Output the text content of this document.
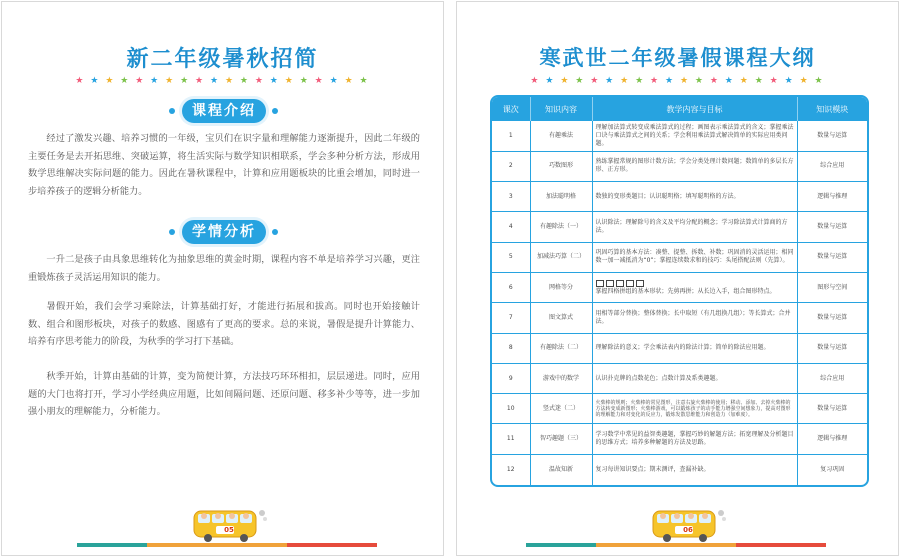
新二年级暑秋招简
★ ★ ★ ★ ★ ★ ★ ★ ★ ★ ★ ★ ★ ★ ★ ★ ★ ★ ★ ★
课程介绍

经过了激发兴趣、培养习惯的一年级，宝贝们在识字量和理解能力逐渐提升，因此二年级的主要任务是去开拓思维、突破运算，将生活实际与数学知识相联系，学会多种分析方法，形成用数学思维解决实际问题的能力。因此在暑秋课程中，计算和应用题板块的比重会增加，同时进一步培养孩子的逻辑分析能力。

学情分析

一升二是孩子由具象思维转化为抽象思维的黄金时期，课程内容不单是培养学习兴趣，更注重锻炼孩子灵活运用知识的能力。

暑假开始，我们会学习乘除法，计算基础打好，才能进行拓展和拔高。同时也开始接触计数、组合和图形板块，对孩子的数感、图感有了更高的要求。总的来说，暑假是提升计算能力、培养有序思考能力的阶段，为秋季的学习打下基础。

秋季开始，计算由基础的计算，变为简便计算，方法技巧环环相扣，层层递进。同时，应用题的大门也将打开，学习小学经典应用题，比如间隔问题、还原问题、移多补少等等，进一步加强小朋友的理解能力，分析能力。

05
寒武世二年级暑假课程大纲
★ ★ ★ ★ ★ ★ ★ ★ ★ ★ ★ ★ ★ ★ ★ ★ ★ ★ ★ ★
课次	知识内容	教学内容与目标	知识模块
1	有趣乘法	理解加法算式转变成乘法算式的过程；画图表示乘法算式的含义；掌握乘法口诀与乘法算式之间的关系；学会利用乘法算式解决简单的实际应用类问题。	数量与运算
2	巧数图形	熟练掌握常规的图形计数方法；学会分类处理计数问题；数简单的多层长方形、正方形。	综合应用
3	加法聪明格	数独的变形类题目；认识聪明格；填写聪明格的方法。	逻辑与推理
4	有趣除法（一）	认识除法；理解除号的含义及平均分配的概念；学习除法算式计算商的方法。	数量与运算
5	加减法巧算（二）	巩固巧算的基本方法：凑整、提整、拆数、补数；巩固消的灵活运用；相同数一加一减抵消为“0”；掌握连续数求和的技巧：头尾搭配法则（先算）。	数量与运算
6	网格等分	掌握四格拼组的基本形状；先剪再拼；从长边入手，组合图形特点。	图形与空间
7	图文算式	用相等部分替换；整体替换；长中取短（有几组换几组）；等长算式；合并法。	数量与运算
8	有趣除法（二）	理解除法的意义；学会乘法表内的除法计算；简单的除法应用题。	数量与运算
9	游戏中的数学	认识扑克牌的点数花色；点数计算及系类趣题。	综合应用
10	竖式迷（二）	火柴棒的规则；火柴棒的常见图形，注意右旋火柴棒的使用；移动、添加、去掉火柴棒的方法转变成新图形；火柴棒游戏，可以锻炼孩子的动手能力增强空间想象力，提高对图形的理解能力和对变化的反应力，锻炼发散思维能力和创造力（加难度）。	数量与运算
11	智巧趣题（三）	学习数学中常见的益智类趣题，掌握巧妙的解题方法；拓宽理解及分析题目的思维方式；培养多种解题的方法及思路。	逻辑与推理
12	温故知新	复习每讲知识要点；期末测评，查漏补缺。	复习巩固
06
